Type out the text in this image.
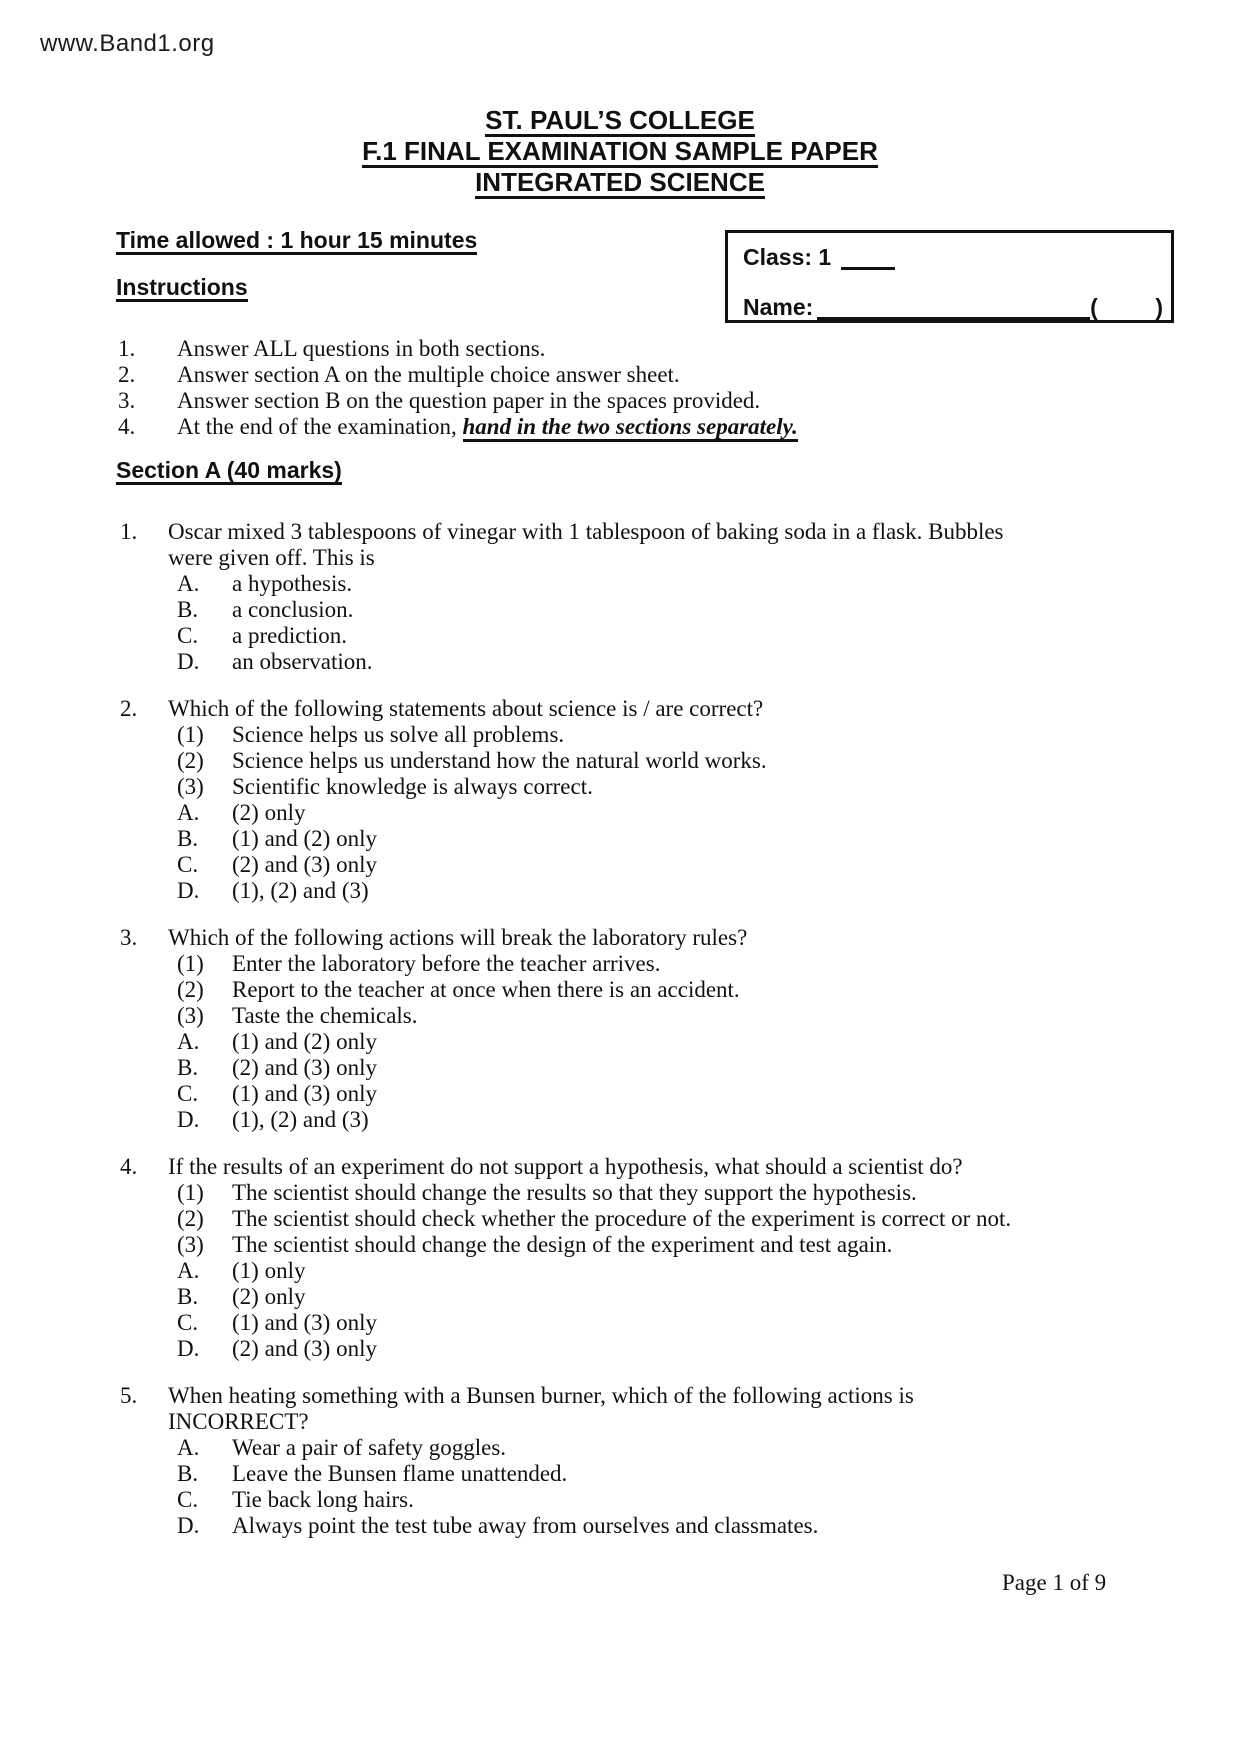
www.Band1.org
ST. PAUL’S COLLEGE
F.1 FINAL EXAMINATION SAMPLE PAPER
INTEGRATED SCIENCE
Class: 1
Name:	(         )
Time allowed : 1 hour 15 minutes
Instructions
1.	Answer ALL questions in both sections.
2.	Answer section A on the multiple choice answer sheet.
3.	Answer section B on the question paper in the spaces provided.
4.	At the end of the examination, hand in the two sections separately.
Section A (40 marks)
1.	Oscar mixed 3 tablespoons of vinegar with 1 tablespoon of baking soda in a flask. Bubbles
were given off. This is
A.	a hypothesis.
B.	a conclusion.
C.	a prediction.
D.	an observation.
2.	Which of the following statements about science is / are correct?
(1)	Science helps us solve all problems.
(2)	Science helps us understand how the natural world works.
(3)	Scientific knowledge is always correct.
A.	(2) only
B.	(1) and (2) only
C.	(2) and (3) only
D.	(1), (2) and (3)
3.	Which of the following actions will break the laboratory rules?
(1)	Enter the laboratory before the teacher arrives.
(2)	Report to the teacher at once when there is an accident.
(3)	Taste the chemicals.
A.	(1) and (2) only
B.	(2) and (3) only
C.	(1) and (3) only
D.	(1), (2) and (3)
4.	If the results of an experiment do not support a hypothesis, what should a scientist do?
(1)	The scientist should change the results so that they support the hypothesis.
(2)	The scientist should check whether the procedure of the experiment is correct or not.
(3)	The scientist should change the design of the experiment and test again.
A.	(1) only
B.	(2) only
C.	(1) and (3) only
D.	(2) and (3) only
5.	When heating something with a Bunsen burner, which of the following actions is
INCORRECT?
A.	Wear a pair of safety goggles.
B.	Leave the Bunsen flame unattended.
C.	Tie back long hairs.
D.	Always point the test tube away from ourselves and classmates.
Page 1 of 9
